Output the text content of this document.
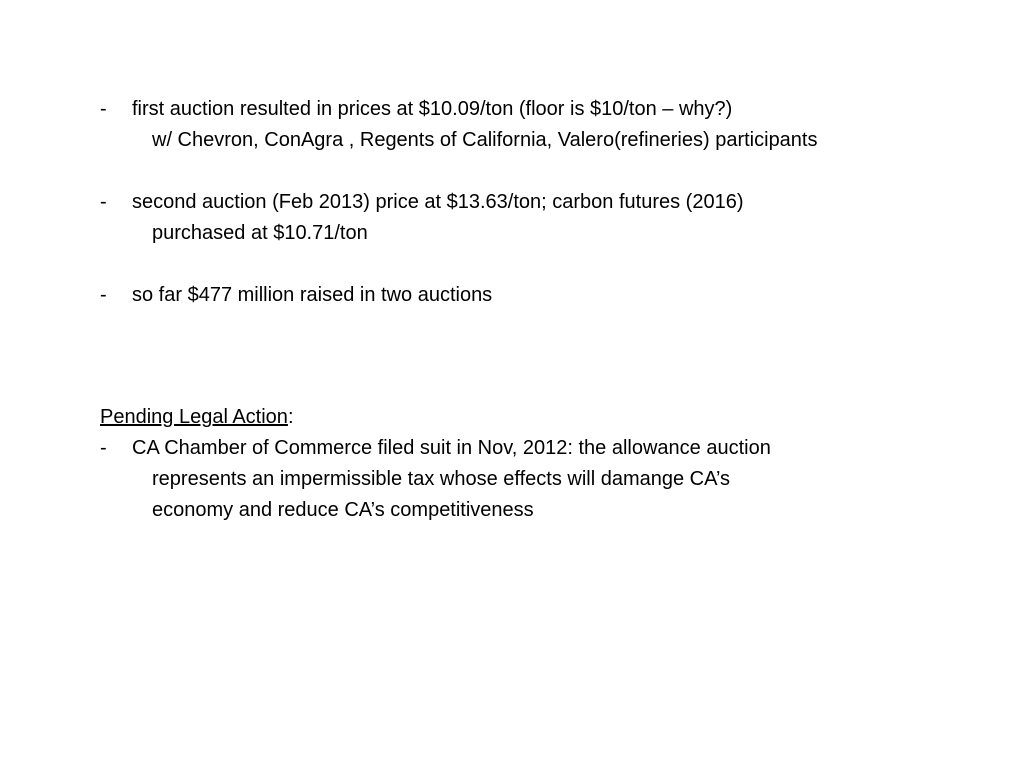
- first auction resulted in prices at $10.09/ton (floor is $10/ton – why?)
w/ Chevron, ConAgra , Regents of California, Valero(refineries) participants
- second auction (Feb 2013) price at $13.63/ton; carbon futures (2016)
purchased at $10.71/ton
- so far $477 million raised in two auctions
Pending Legal Action:
- CA Chamber of Commerce filed suit in Nov, 2012: the allowance auction
represents an impermissible tax whose effects will damange CA’s
economy and reduce CA’s competitiveness
